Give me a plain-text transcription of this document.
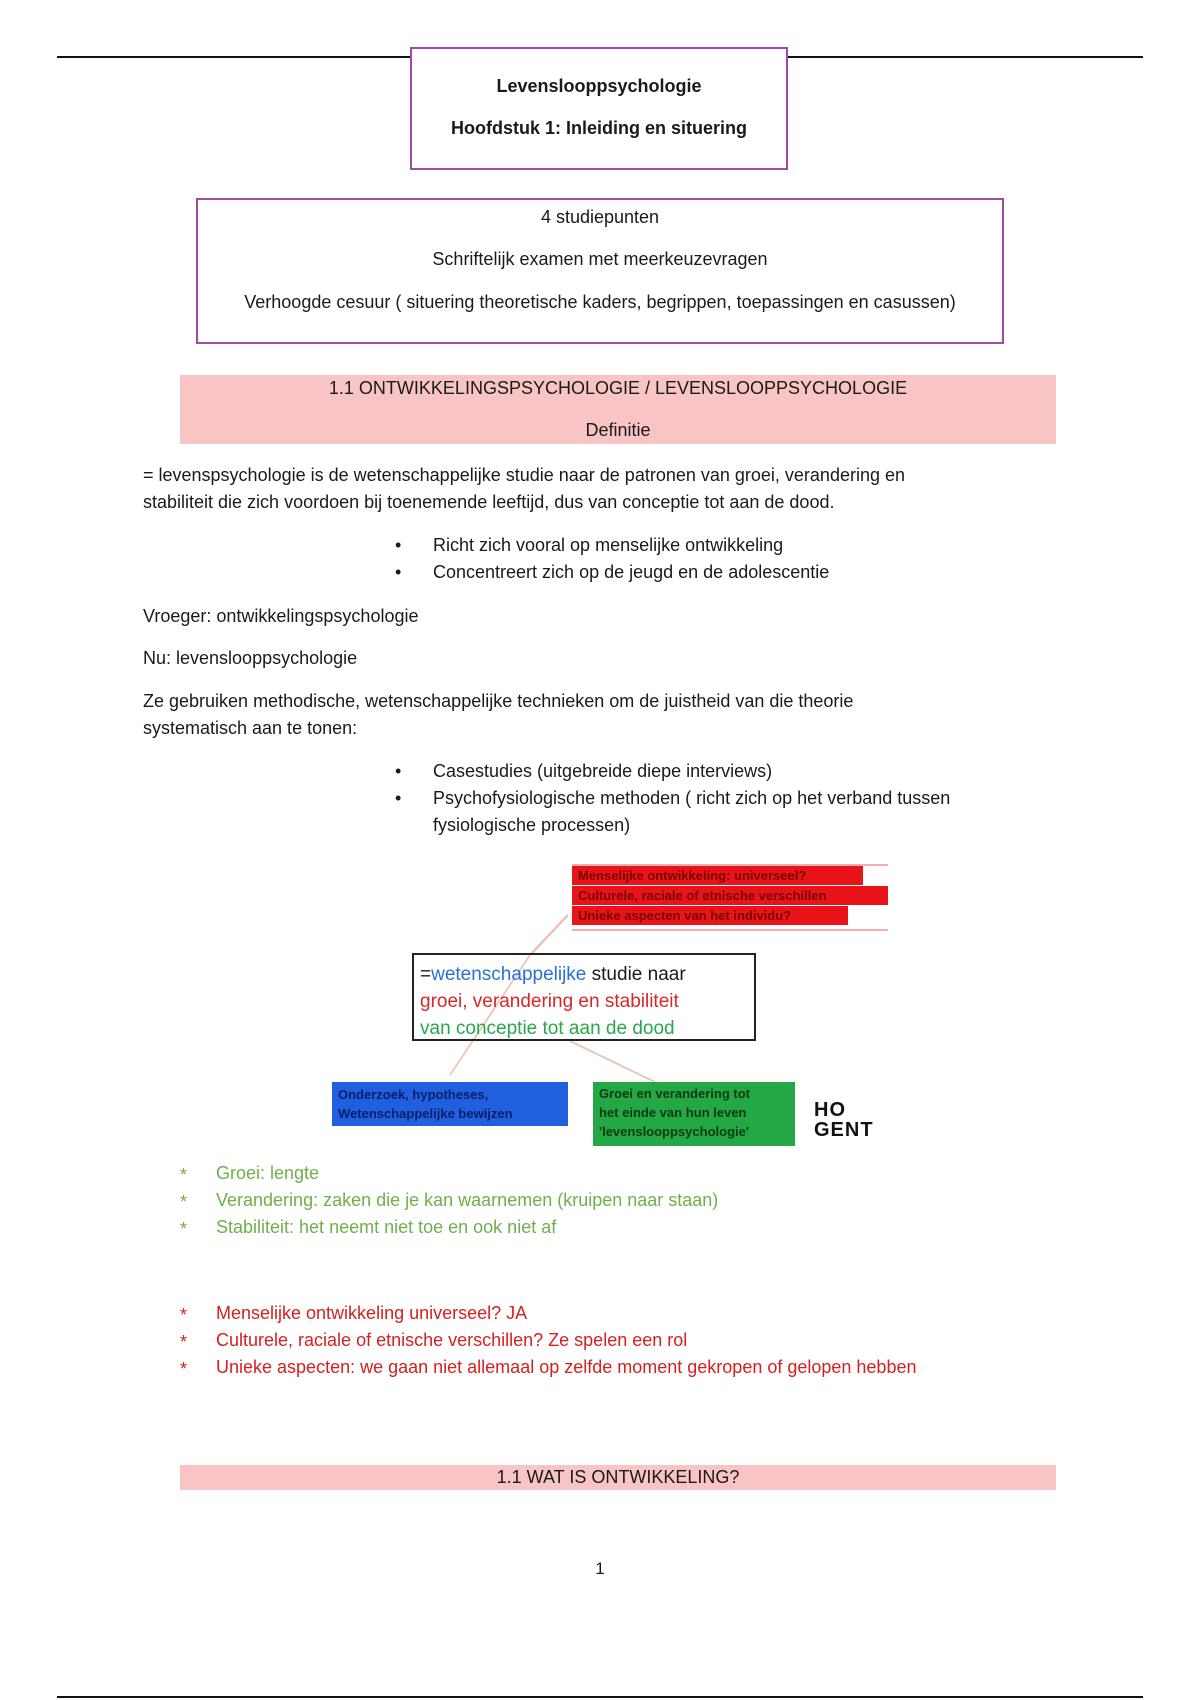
Levenslooppsychologie
Hoofdstuk 1: Inleiding en situering
4 studiepunten
Schriftelijk examen met meerkeuzevragen
Verhoogde cesuur ( situering theoretische kaders, begrippen, toepassingen en casussen)
1.1 ONTWIKKELINGSPSYCHOLOGIE / LEVENSLOOPPSYCHOLOGIE
Definitie
= levenspsychologie is de wetenschappelijke studie naar de patronen van groei, verandering en
stabiliteit die zich voordoen bij toenemende leeftijd, dus van conceptie tot aan de dood.
• Richt zich vooral op menselijke ontwikkeling
• Concentreert zich op de jeugd en de adolescentie
Vroeger: ontwikkelingspsychologie
Nu: levenslooppsychologie
Ze gebruiken methodische, wetenschappelijke technieken om de juistheid van die theorie
systematisch aan te tonen:
• Casestudies (uitgebreide diepe interviews)
• Psychofysiologische methoden ( richt zich op het verband tussen
fysiologische processen)
Menselijke ontwikkeling: universeel?
Culturele, raciale of etnische verschillen
Unieke aspecten van het individu?
=wetenschappelijke studie naar
groei, verandering en stabiliteit
van conceptie tot aan de dood
Onderzoek, hypotheses,
Wetenschappelijke bewijzen
Groei en verandering tot
het einde van hun leven
'levenslooppsychologie'
HO
GENT
* Groei: lengte
* Verandering: zaken die je kan waarnemen (kruipen naar staan)
* Stabiliteit: het neemt niet toe en ook niet af
* Menselijke ontwikkeling universeel? JA
* Culturele, raciale of etnische verschillen? Ze spelen een rol
* Unieke aspecten: we gaan niet allemaal op zelfde moment gekropen of gelopen hebben
1.1 WAT IS ONTWIKKELING?
1
